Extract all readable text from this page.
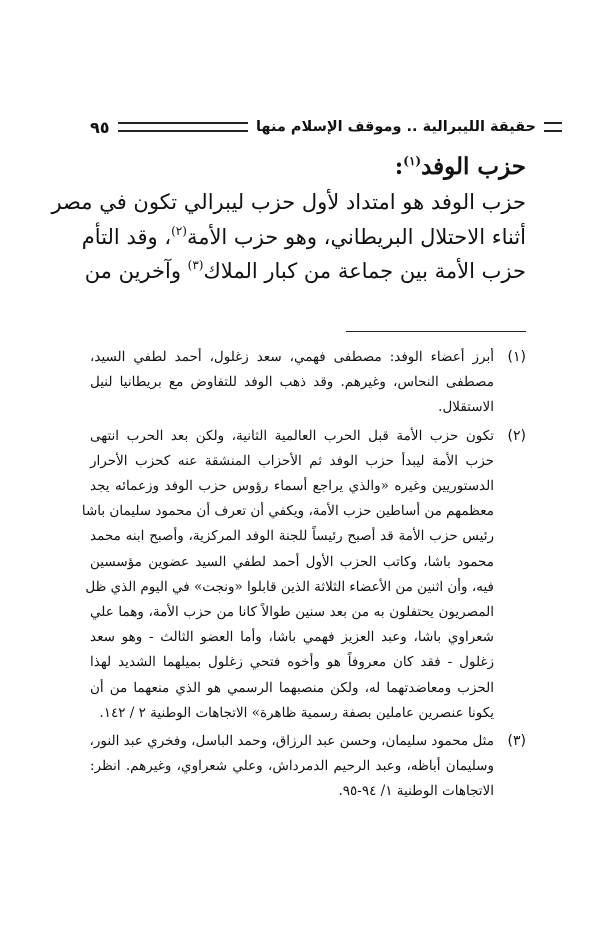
حقيقة الليبرالية .. وموقف الإسلام منها
٩٥

حزب الوفد$^{(١)}$:

حزب الوفد هو امتداد لأول حزب ليبرالي تكون في مصر

أثناء الاحتلال البريطاني، وهو حزب الأمة$^{(٢)}$، وقد التأم

حزب الأمة بين جماعة من كبار الملاك$^{(٣)}$ وآخرين من

(١)

أبرز أعضاء الوفد: مصطفى فهمي، سعد زغلول، أحمد لطفي السيد،

مصطفى النحاس، وغيرهم. وقد ذهب الوفد للتفاوض مع بريطانيا لنيل

الاستقلال.

(٢)

تكون حزب الأمة قبل الحرب العالمية الثانية، ولكن بعد الحرب انتهى

حزب الأمة ليبدأ حزب الوفد ثم الأحزاب المنشقة عنه كحزب الأحرار

الدستوريين وغيره «والذي يراجع أسماء رؤوس حزب الوفد وزعمائه يجد

معظمهم من أساطين حزب الأمة، ويكفي أن تعرف أن محمود سليمان باشا

رئيس حزب الأمة قد أصبح رئيساً للجنة الوفد المركزية، وأصبح ابنه محمد

محمود باشا، وكاتب الحزب الأول أحمد لطفي السيد عضوين مؤسسين

فيه، وأن اثنين من الأعضاء الثلاثة الذين قابلوا «ونجت» في اليوم الذي ظل

المصريون يحتفلون به من بعد سنين طوالاً كانا من حزب الأمة، وهما علي

شعراوي باشا، وعبد العزيز فهمي باشا، وأما العضو الثالث - وهو سعد

زغلول - فقد كان معروفاً هو وأخوه فتحي زغلول بميلهما الشديد لهذا

الحزب ومعاضدتهما له، ولكن منصبهما الرسمي هو الذي منعهما من أن

يكونا عنصرين عاملين بصفة رسمية ظاهرة» الاتجاهات الوطنية ٢ / ١٤٢.

(٣)

مثل محمود سليمان، وحسن عبد الرزاق، وحمد الباسل، وفخري عبد النور،

وسليمان أباظه، وعبد الرحيم الدمرداش، وعلي شعراوي، وغيرهم. انظر:

الاتجاهات الوطنية ١/ ٩٤-٩٥.
